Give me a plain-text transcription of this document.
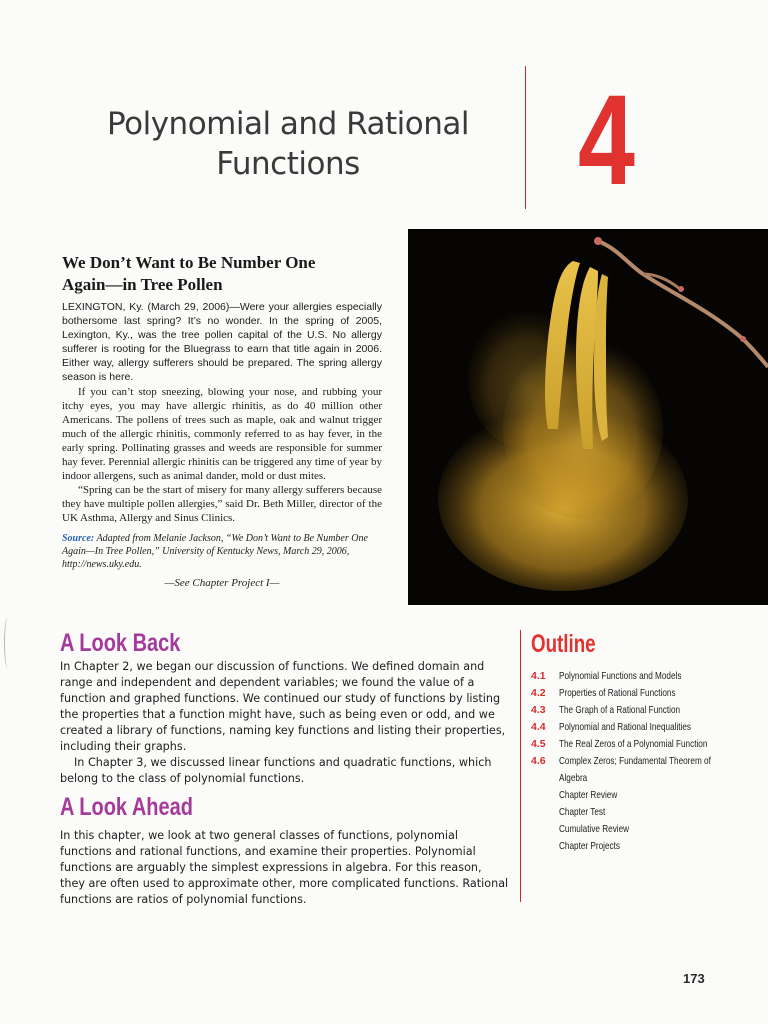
Polynomial and Rational
Functions	4
We Don’t Want to Be Number One
Again—in Tree Pollen

LEXINGTON, Ky. (March 29, 2006)—Were your allergies especially bothersome last spring? It’s no wonder. In the spring of 2005, Lexington, Ky., was the tree pollen capital of the U.S. No allergy sufferer is rooting for the Bluegrass to earn that title again in 2006. Either way, allergy sufferers should be prepared. The spring allergy season is here.

If you can’t stop sneezing, blowing your nose, and rubbing your itchy eyes, you may have allergic rhinitis, as do 40 million other Americans. The pollens of trees such as maple, oak and walnut trigger much of the allergic rhinitis, commonly referred to as hay fever, in the early spring. Pollinating grasses and weeds are responsible for summer hay fever. Perennial allergic rhinitis can be triggered any time of year by indoor allergens, such as animal dander, mold or dust mites.

“Spring can be the start of misery for many allergy sufferers because they have multiple pollen allergies,” said Dr. Beth Miller, director of the UK Asthma, Allergy and Sinus Clinics.

Source: Adapted from Melanie Jackson, “We Don’t Want to Be Number One Again—In Tree Pollen,” University of Kentucky News, March 29, 2006, http://news.uky.edu.
—See Chapter Project I—
A Look Back

In Chapter 2, we began our discussion of functions. We defined domain and range and independent and dependent variables; we found the value of a function and graphed functions. We continued our study of functions by listing the properties that a function might have, such as being even or odd, and we created a library of functions, naming key functions and listing their properties, including their graphs.

In Chapter 3, we discussed linear functions and quadratic functions, which belong to the class of polynomial functions.

A Look Ahead

In this chapter, we look at two general classes of functions, polynomial functions and rational functions, and examine their properties. Polynomial functions are arguably the simplest expressions in algebra. For this reason, they are often used to approximate other, more complicated functions. Rational functions are ratios of polynomial functions.

Outline
4.1	Polynomial Functions and Models
4.2	Properties of Rational Functions
4.3	The Graph of a Rational Function
4.4	Polynomial and Rational Inequalities
4.5	The Real Zeros of a Polynomial Function
4.6	Complex Zeros; Fundamental Theorem of Algebra
Chapter Review
Chapter Test
Cumulative Review
Chapter Projects
173
